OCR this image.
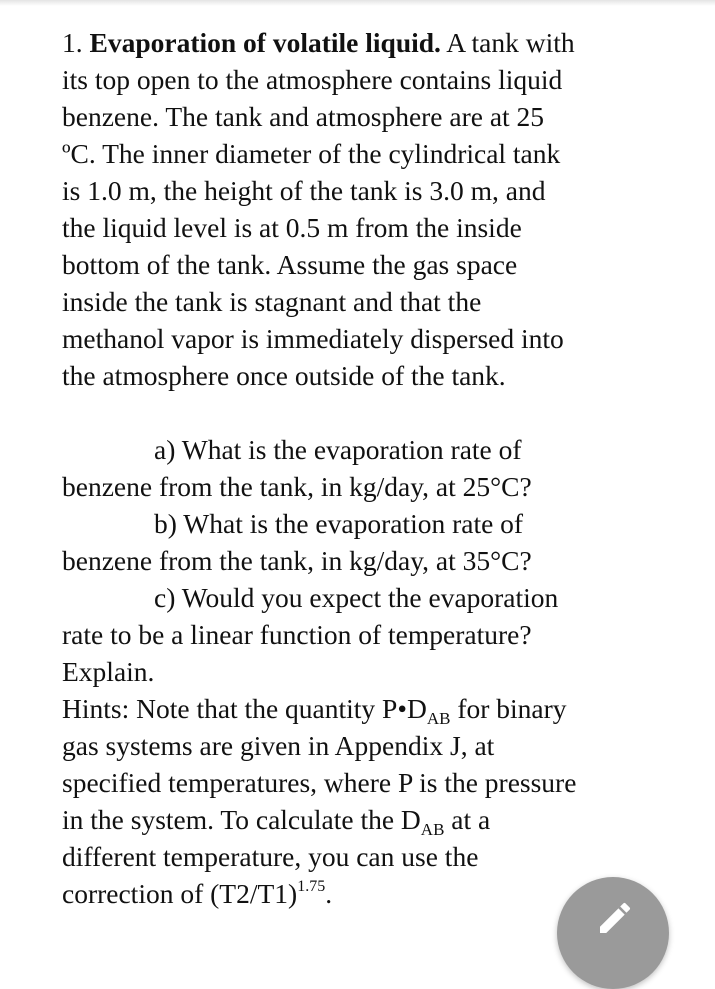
1. Evaporation of volatile liquid. A tank with
its top open to the atmosphere contains liquid
benzene. The tank and atmosphere are at 25
ºC. The inner diameter of the cylindrical tank
is 1.0 m, the height of the tank is 3.0 m, and
the liquid level is at 0.5 m from the inside
bottom of the tank. Assume the gas space
inside the tank is stagnant and that the
methanol vapor is immediately dispersed into
the atmosphere once outside of the tank.
a) What is the evaporation rate of
benzene from the tank, in kg/day, at 25°C?
b) What is the evaporation rate of
benzene from the tank, in kg/day, at 35°C?
c) Would you expect the evaporation
rate to be a linear function of temperature?
Explain.
Hints: Note that the quantity $P•D_{AB}$ for binary
gas systems are given in Appendix J, at
specified temperatures, where P is the pressure
in the system. To calculate the $D_{AB}$ at a
different temperature, you can use the
correction of $(T2/T1)^{1.75}$.
